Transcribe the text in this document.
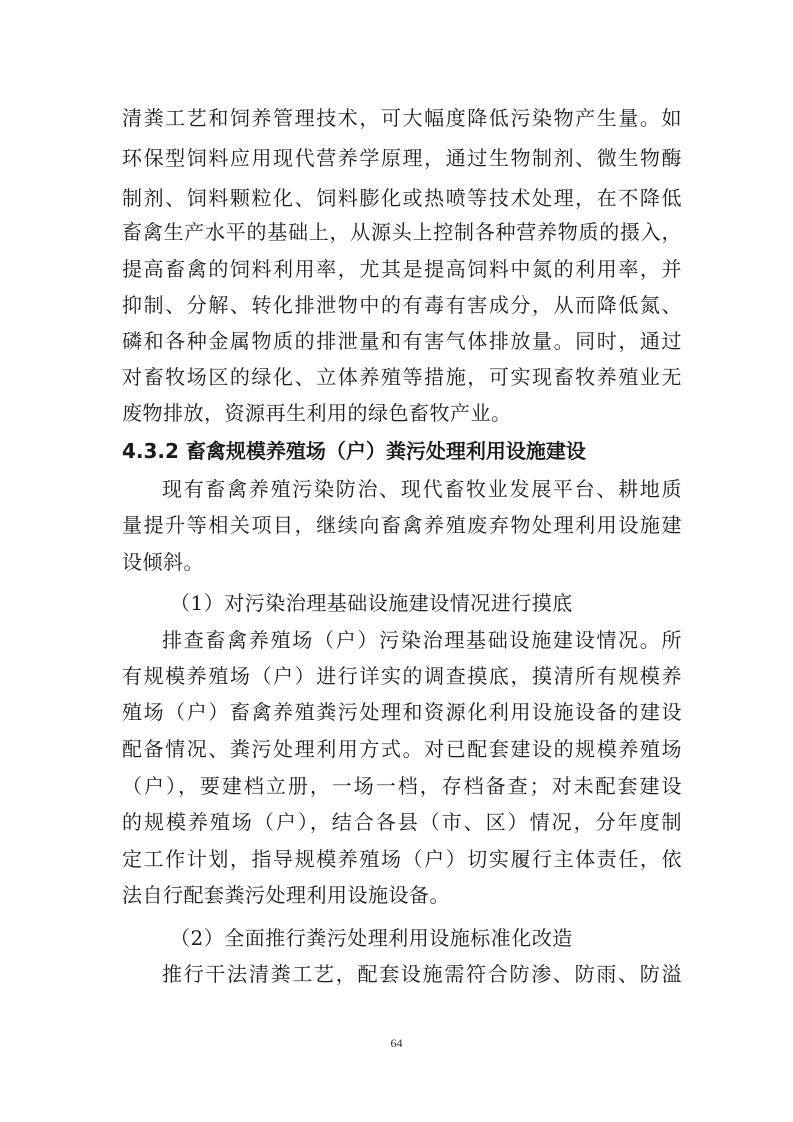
清粪工艺和饲养管理技术，可大幅度降低污染物产生量。如
环保型饲料应用现代营养学原理，通过生物制剂、微生物酶
制剂、饲料颗粒化、饲料膨化或热喷等技术处理，在不降低
畜禽生产水平的基础上，从源头上控制各种营养物质的摄入，
提高畜禽的饲料利用率，尤其是提高饲料中氮的利用率，并
抑制、分解、转化排泄物中的有毒有害成分，从而降低氮、
磷和各种金属物质的排泄量和有害气体排放量。同时，通过
对畜牧场区的绿化、立体养殖等措施，可实现畜牧养殖业无
废物排放，资源再生利用的绿色畜牧产业。
4.3.2 畜禽规模养殖场（户）粪污处理利用设施建设
现有畜禽养殖污染防治、现代畜牧业发展平台、耕地质
量提升等相关项目，继续向畜禽养殖废弃物处理利用设施建
设倾斜。
（1）对污染治理基础设施建设情况进行摸底
排查畜禽养殖场（户）污染治理基础设施建设情况。所
有规模养殖场（户）进行详实的调查摸底，摸清所有规模养
殖场（户）畜禽养殖粪污处理和资源化利用设施设备的建设
配备情况、粪污处理利用方式。对已配套建设的规模养殖场
（户），要建档立册，一场一档，存档备查；对未配套建设
的规模养殖场（户），结合各县（市、区）情况，分年度制
定工作计划，指导规模养殖场（户）切实履行主体责任，依
法自行配套粪污处理利用设施设备。
（2）全面推行粪污处理利用设施标准化改造
推行干法清粪工艺，配套设施需符合防渗、防雨、防溢
64
